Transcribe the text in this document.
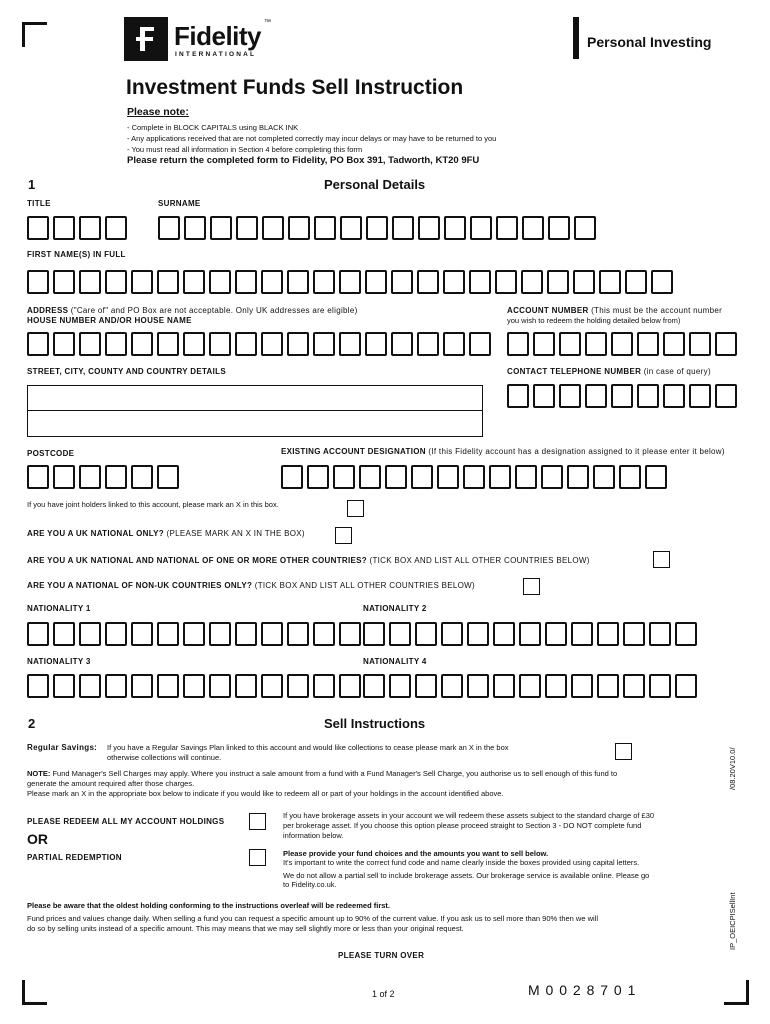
Fidelity ™
INTERNATIONAL
Personal Investing
Investment Funds Sell Instruction
Please note:
- Complete in BLOCK CAPITALS using BLACK INK
- Any applications received that are not completed correctly may incur delays or may have to be returned to you
- You must read all information in Section 4 before completing this form
Please return the completed form to Fidelity, PO Box 391, Tadworth, KT20 9FU
1	Personal Details
TITLE	SURNAME
FIRST NAME(S) IN FULL
ADDRESS ("Care of" and PO Box are not acceptable. Only UK addresses are eligible)
HOUSE NUMBER AND/OR HOUSE NAME
ACCOUNT NUMBER (This must be the account number
you wish to redeem the holding detailed below from)
STREET, CITY, COUNTY AND COUNTRY DETAILS	CONTACT TELEPHONE NUMBER (in case of query)
POSTCODE	EXISTING ACCOUNT DESIGNATION (If this Fidelity account has a designation assigned to it please enter it below)
If you have joint holders linked to this account, please mark an X in this box.
ARE YOU A UK NATIONAL ONLY? (PLEASE MARK AN X IN THE BOX)
ARE YOU A UK NATIONAL AND NATIONAL OF ONE OR MORE OTHER COUNTRIES? (TICK BOX AND LIST ALL OTHER COUNTRIES BELOW)
ARE YOU A NATIONAL OF NON-UK COUNTRIES ONLY? (TICK BOX AND LIST ALL OTHER COUNTRIES BELOW)
NATIONALITY 1	NATIONALITY 2
NATIONALITY 3	NATIONALITY 4
2	Sell Instructions
Regular Savings: If you have a Regular Savings Plan linked to this account and would like collections to cease please mark an X in the box
otherwise collections will continue.
NOTE: Fund Manager's Sell Charges may apply. Where you instruct a sale amount from a fund with a Fund Manager's Sell Charge, you authorise us to sell enough of this fund to
generate the amount required after those charges.
Please mark an X in the appropriate box below to indicate if you would like to redeem all or part of your holdings in the account identified above.
PLEASE REDEEM ALL MY ACCOUNT HOLDINGS
OR
PARTIAL REDEMPTION
If you have brokerage assets in your account we will redeem these assets subject to the standard charge of £30
per brokerage asset. If you choose this option please proceed straight to Section 3 - DO NOT complete fund
information below.
Please provide your fund choices and the amounts you want to sell below.
It's important to write the correct fund code and name clearly inside the boxes provided using capital letters.
We do not allow a partial sell to include brokerage assets. Our brokerage service is available online. Please go
to Fidelity.co.uk.
Please be aware that the oldest holding conforming to the instructions overleaf will be redeemed first.
Fund prices and values change daily. When selling a fund you can request a specific amount up to 90% of the current value. If you ask us to sell more than 90% then we will
do so by selling units instead of a specific amount. This may means that we may sell slightly more or less than your original request.
/08.20V10.0/
IP_OEICPISellInt
PLEASE TURN OVER
1 of 2	M 0 0 2 8 7 0 1
